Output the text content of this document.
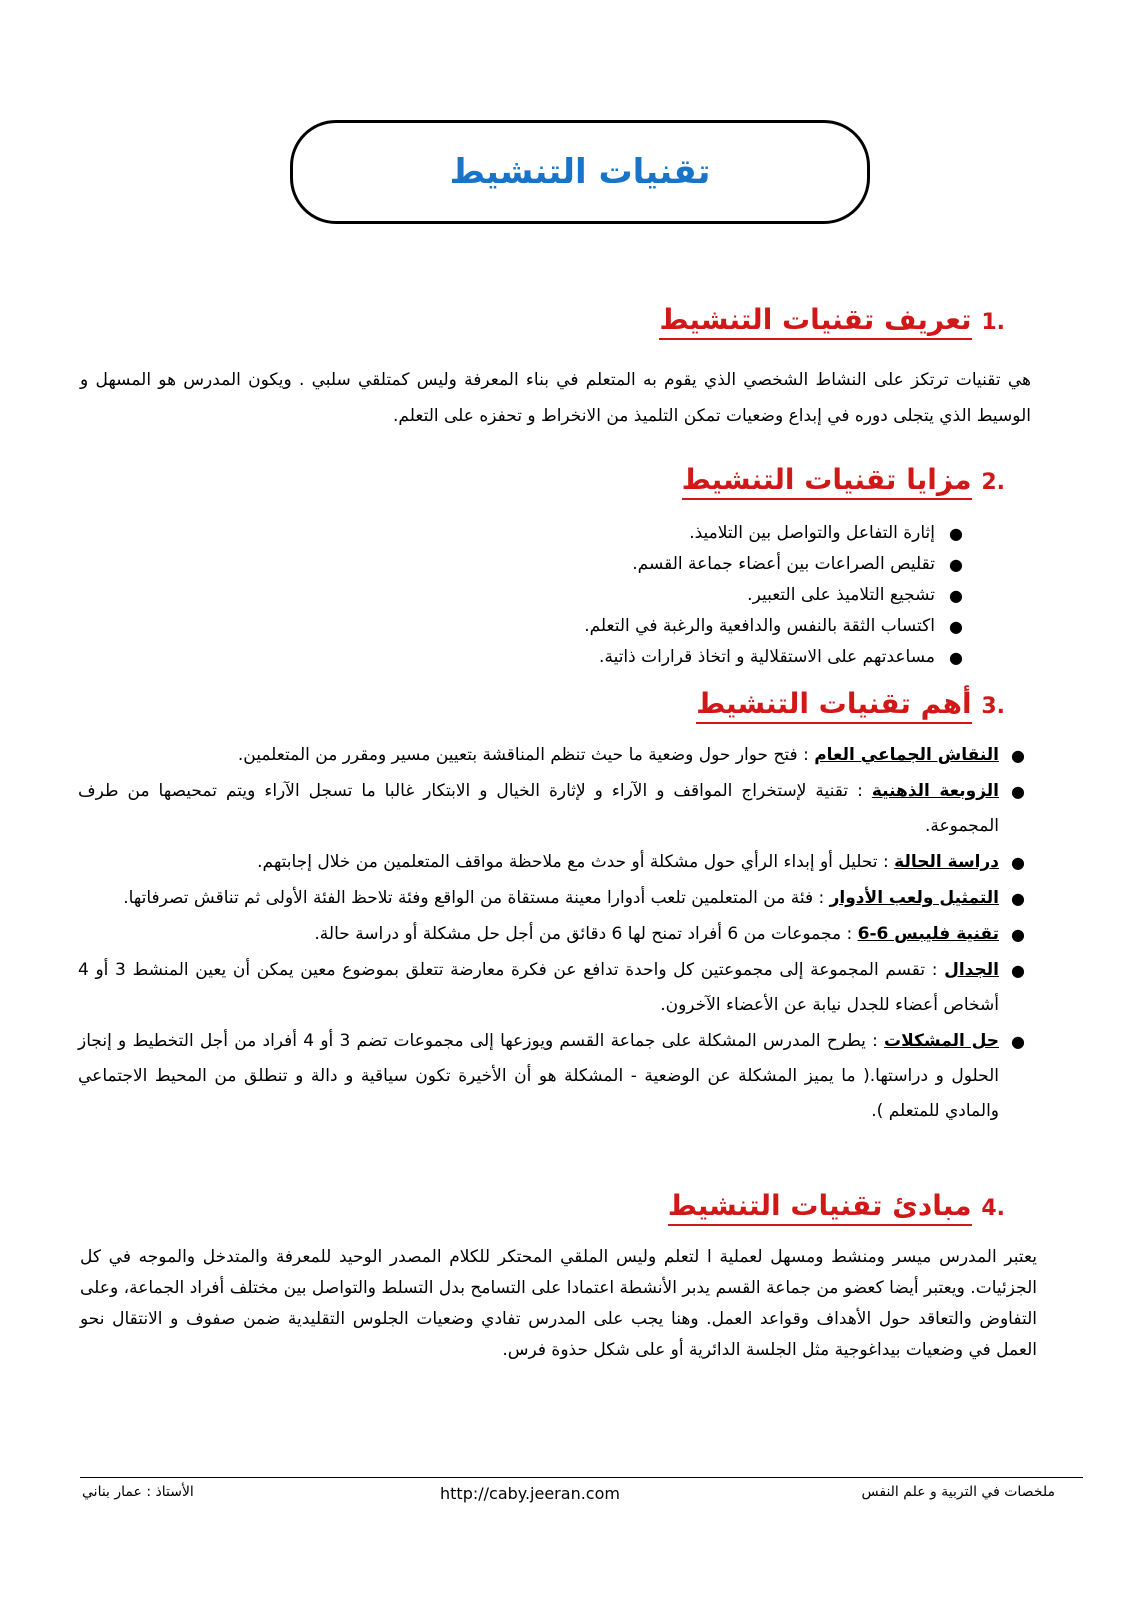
تقنيات التنشيط
.1 تعريف تقنيات التنشيط

هي تقنيات ترتكز على النشاط الشخصي الذي يقوم به المتعلم في بناء المعرفة وليس كمتلقي سلبي . ويكون المدرس هو المسهل و الوسيط الذي يتجلى دوره في إبداع وضعيات تمكن التلميذ من الانخراط و تحفزه على التعلم.

.2 مزايا تقنيات التنشيط
●
إثارة التفاعل والتواصل بين التلاميذ.
●
تقليص الصراعات بين أعضاء جماعة القسم.
●
تشجيع التلاميذ على التعبير.
●
اكتساب الثقة بالنفس والدافعية والرغبة في التعلم.
●
مساعدتهم على الاستقلالية و اتخاذ قرارات ذاتية.
.3 أهم تقنيات التنشيط
●
النقاش الجماعي العام : فتح حوار حول وضعية ما حيث تنظم المناقشة بتعيين مسير ومقرر من المتعلمين.
●
الزوبعة الذهنية : تقنية لإستخراج المواقف و الآراء و لإثارة الخيال و الابتكار غالبا ما تسجل الآراء ويتم تمحيصها من طرف المجموعة.
●
دراسة الحالة : تحليل أو إبداء الرأي حول مشكلة أو حدث مع ملاحظة مواقف المتعلمين من خلال إجابتهم.
●
التمثيل ولعب الأدوار : فئة من المتعلمين تلعب أدوارا معينة مستقاة من الواقع وفئة تلاحظ الفئة الأولى ثم تناقش تصرفاتها.
●
تقنية فليبس 6-6 : مجموعات من 6 أفراد تمنح لها 6 دقائق من أجل حل مشكلة أو دراسة حالة.
●
الجدال : تقسم المجموعة إلى مجموعتين كل واحدة تدافع عن فكرة معارضة تتعلق بموضوع معين يمكن أن يعين المنشط 3 أو 4 أشخاص أعضاء للجدل نيابة عن الأعضاء الآخرون.
●
حل المشكلات : يطرح المدرس المشكلة على جماعة القسم ويوزعها إلى مجموعات تضم 3 أو 4 أفراد من أجل التخطيط و إنجاز الحلول و دراستها.( ما يميز المشكلة عن الوضعية - المشكلة هو أن الأخيرة تكون سياقية و دالة و تنطلق من المحيط الاجتماعي والمادي للمتعلم ).
.4 مبادئ تقنيات التنشيط

يعتبر المدرس ميسر ومنشط ومسهل لعملية ا لتعلم وليس الملقي المحتكر للكلام المصدر الوحيد للمعرفة والمتدخل والموجه في كل الجزئيات. ويعتبر أيضا كعضو من جماعة القسم يدبر الأنشطة اعتمادا على التسامح بدل التسلط والتواصل بين مختلف أفراد الجماعة، وعلى التفاوض والتعاقد حول الأهداف وقواعد العمل. وهنا يجب على المدرس تفادي وضعيات الجلوس التقليدية ضمن صفوف و الانتقال نحو العمل في وضعيات بيداغوجية مثل الجلسة الدائرية أو على شكل حذوة فرس.

ملخصات في التربية و علم النفس
http://caby.jeeran.com
الأستاذ : عمار بناني
